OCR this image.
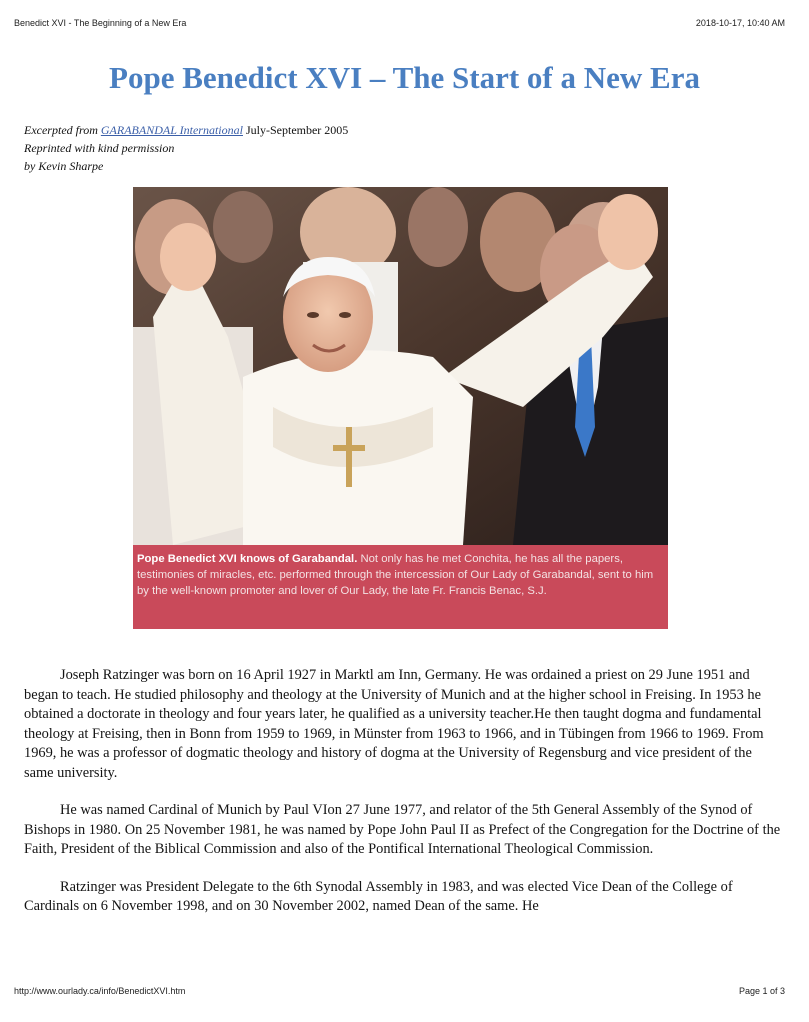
Benedict XVI - The Beginning of a New Era	2018-10-17, 10:40 AM
Pope Benedict XVI – The Start of a New Era
Excerpted from GARABANDAL International July-September 2005
Reprinted with kind permission
by Kevin Sharpe
Pope Benedict XVI knows of Garabandal. Not only has he met Conchita, he has all the papers, testimonies of miracles, etc. performed through the intercession of Our Lady of Garabandal, sent to him by the well-known promoter and lover of Our Lady, the late Fr. Francis Benac, S.J.

Joseph Ratzinger was born on 16 April 1927 in Marktl am Inn, Germany. He was ordained a priest on 29 June 1951 and began to teach. He studied philosophy and theology at the University of Munich and at the higher school in Freising. In 1953 he obtained a doctorate in theology and four years later, he qualified as a university teacher.He then taught dogma and fundamental theology at Freising, then in Bonn from 1959 to 1969, in Münster from 1963 to 1966, and in Tübingen from 1966 to 1969. From 1969, he was a professor of dogmatic theology and history of dogma at the University of Regensburg and vice president of the same university.

He was named Cardinal of Munich by Paul VIon 27 June 1977, and relator of the 5th General Assembly of the Synod of Bishops in 1980. On 25 November 1981, he was named by Pope John Paul II as Prefect of the Congregation for the Doctrine of the Faith, President of the Biblical Commission and also of the Pontifical International Theological Commission.

Ratzinger was President Delegate to the 6th Synodal Assembly in 1983, and was elected Vice Dean of the College of Cardinals on 6 November 1998, and on 30 November 2002, named Dean of the same. He

http://www.ourlady.ca/info/BenedictXVI.htm	Page 1 of 3
